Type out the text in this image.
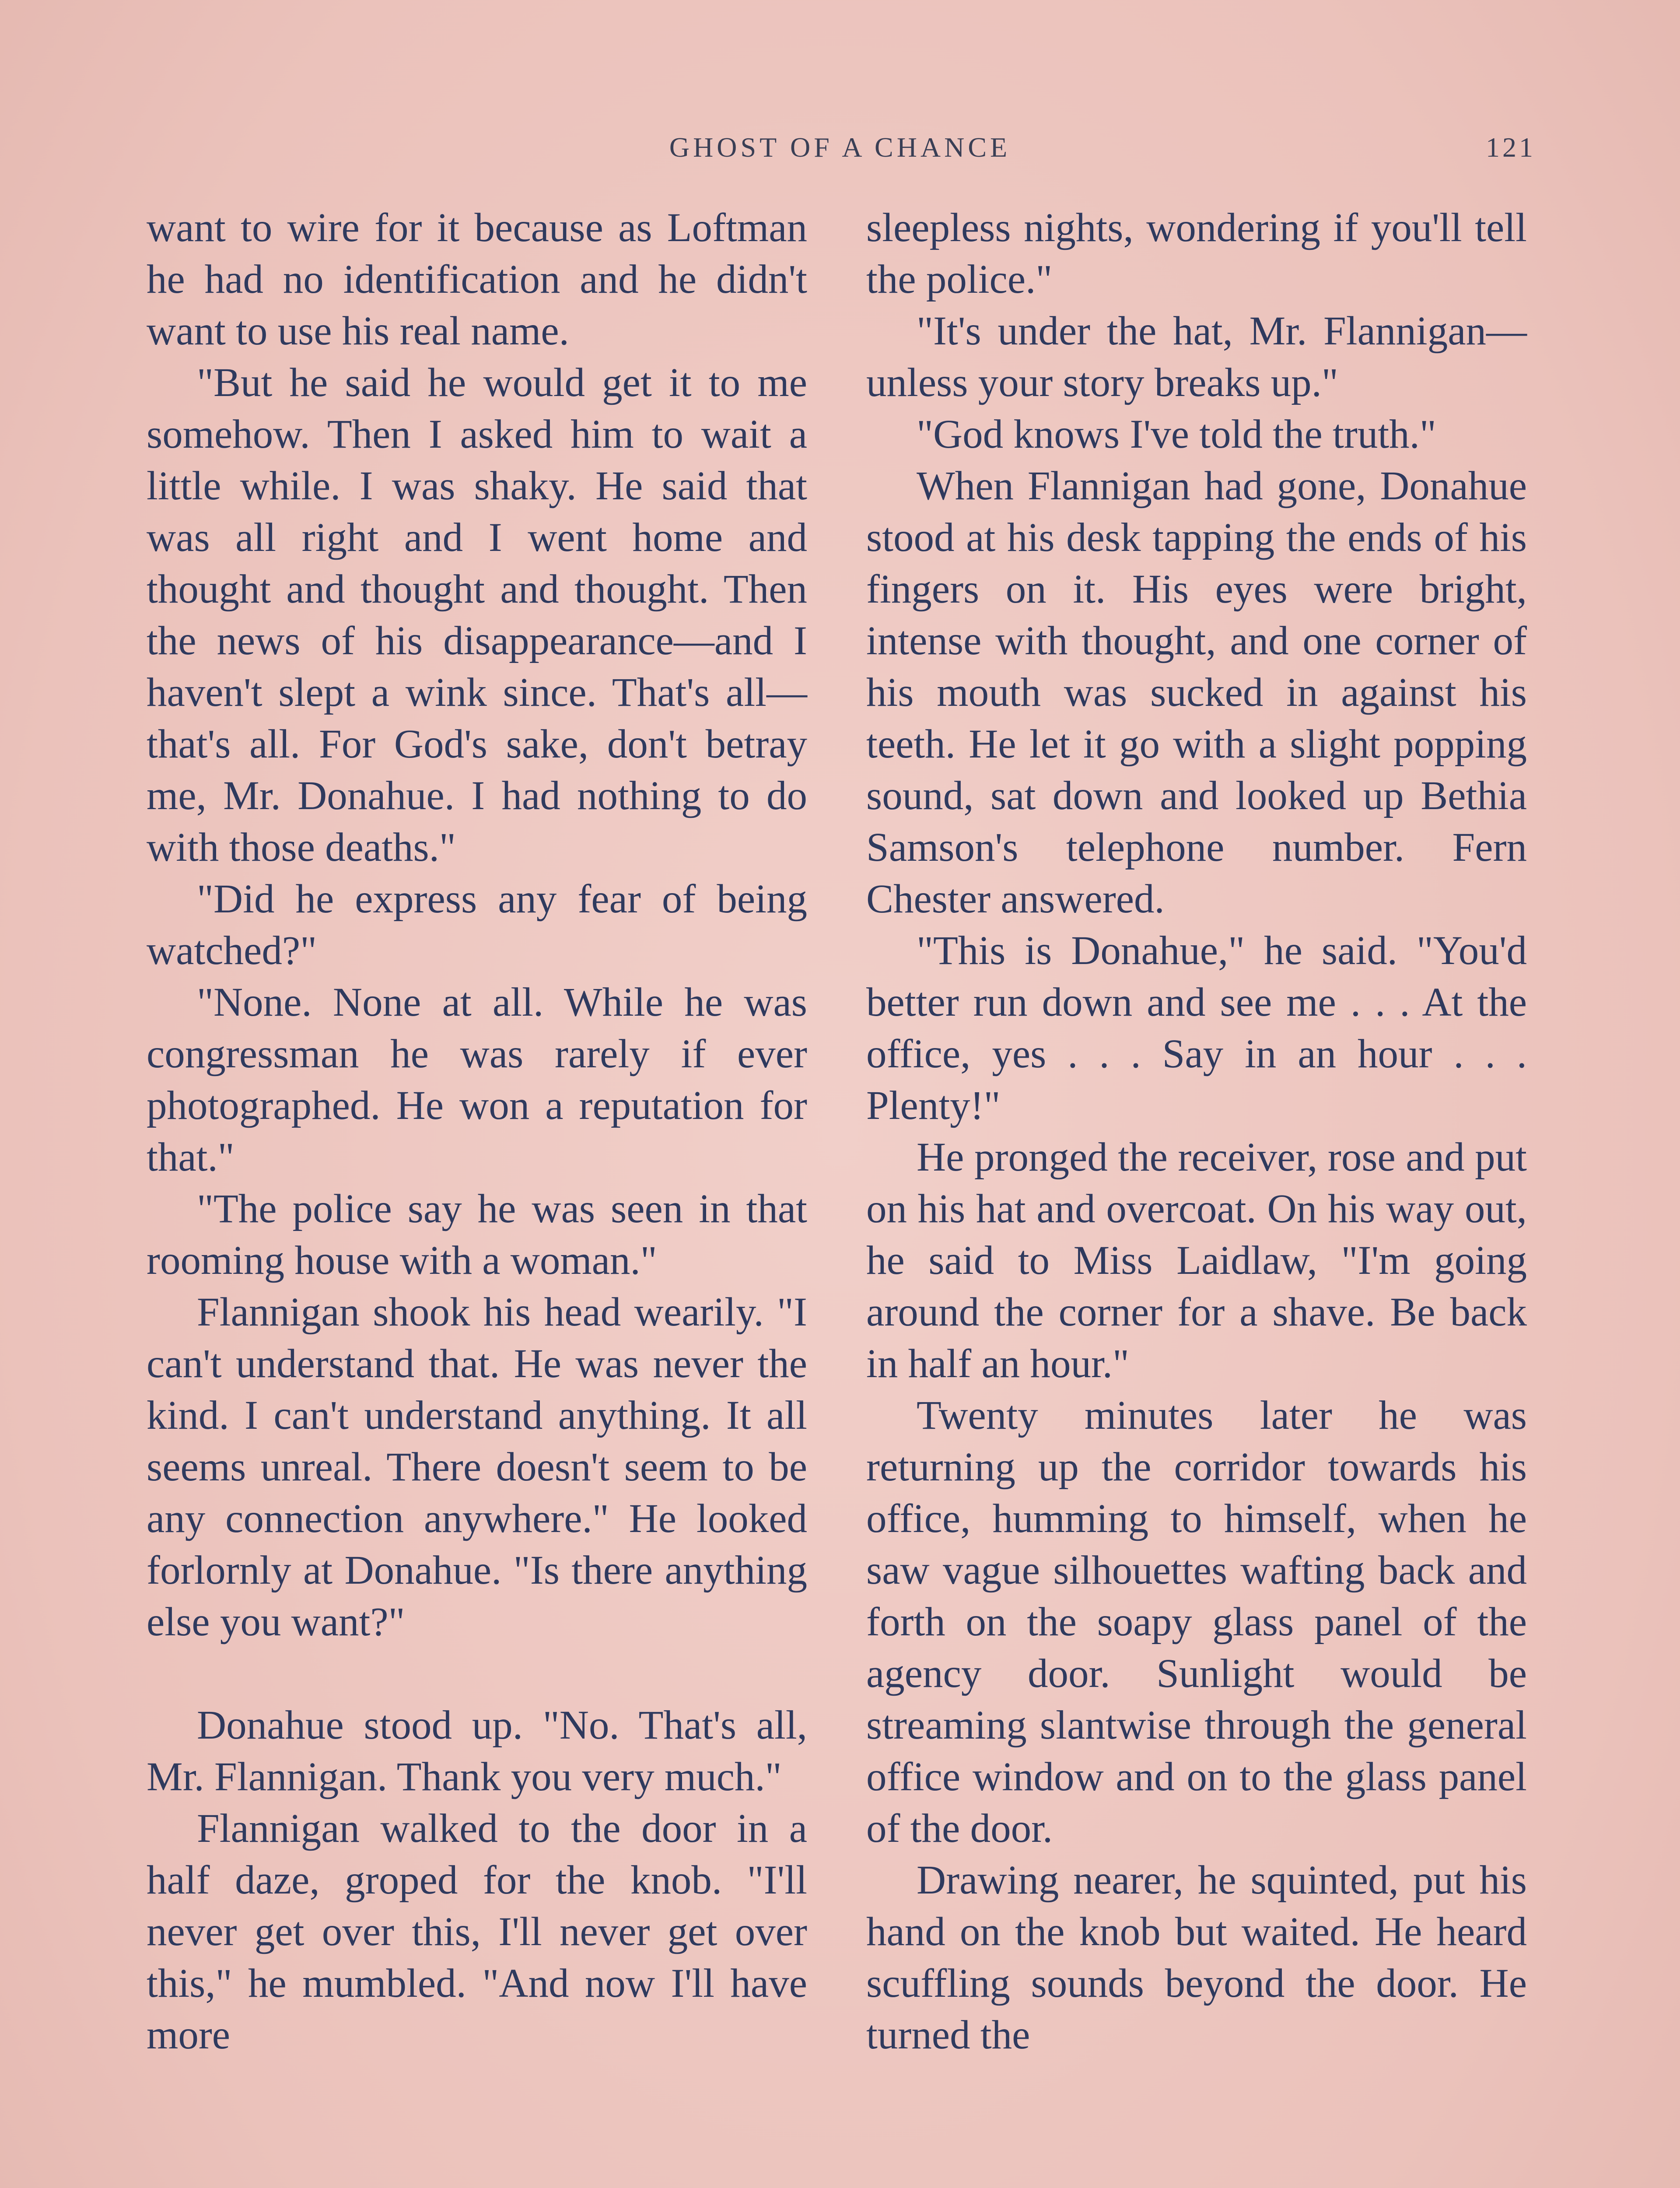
GHOST OF A CHANCE	121

want to wire for it because as Loftman he had no identification and he didn't want to use his real name.

"But he said he would get it to me somehow. Then I asked him to wait a little while. I was shaky. He said that was all right and I went home and thought and thought and thought. Then the news of his disappearance—and I haven't slept a wink since. That's all—that's all. For God's sake, don't betray me, Mr. Donahue. I had nothing to do with those deaths."

"Did he express any fear of being watched?"

"None. None at all. While he was congressman he was rarely if ever photographed. He won a reputation for that."

"The police say he was seen in that rooming house with a woman."

Flannigan shook his head wearily. "I can't understand that. He was never the kind. I can't understand anything. It all seems unreal. There doesn't seem to be any connection anywhere." He looked forlornly at Donahue. "Is there anything else you want?"

Donahue stood up. "No. That's all, Mr. Flannigan. Thank you very much."

Flannigan walked to the door in a half daze, groped for the knob. "I'll never get over this, I'll never get over this," he mumbled. "And now I'll have more

sleepless nights, wondering if you'll tell the police."

"It's under the hat, Mr. Flannigan—unless your story breaks up."

"God knows I've told the truth."

When Flannigan had gone, Donahue stood at his desk tapping the ends of his fingers on it. His eyes were bright, intense with thought, and one corner of his mouth was sucked in against his teeth. He let it go with a slight popping sound, sat down and looked up Bethia Samson's telephone number. Fern Chester answered.

"This is Donahue," he said. "You'd better run down and see me . . . At the office, yes . . . Say in an hour . . . Plenty!"

He pronged the receiver, rose and put on his hat and overcoat. On his way out, he said to Miss Laidlaw, "I'm going around the corner for a shave. Be back in half an hour."

Twenty minutes later he was returning up the corridor towards his office, humming to himself, when he saw vague silhouettes wafting back and forth on the soapy glass panel of the agency door. Sunlight would be streaming slantwise through the general office window and on to the glass panel of the door.

Drawing nearer, he squinted, put his hand on the knob but waited. He heard scuffling sounds beyond the door. He turned the
